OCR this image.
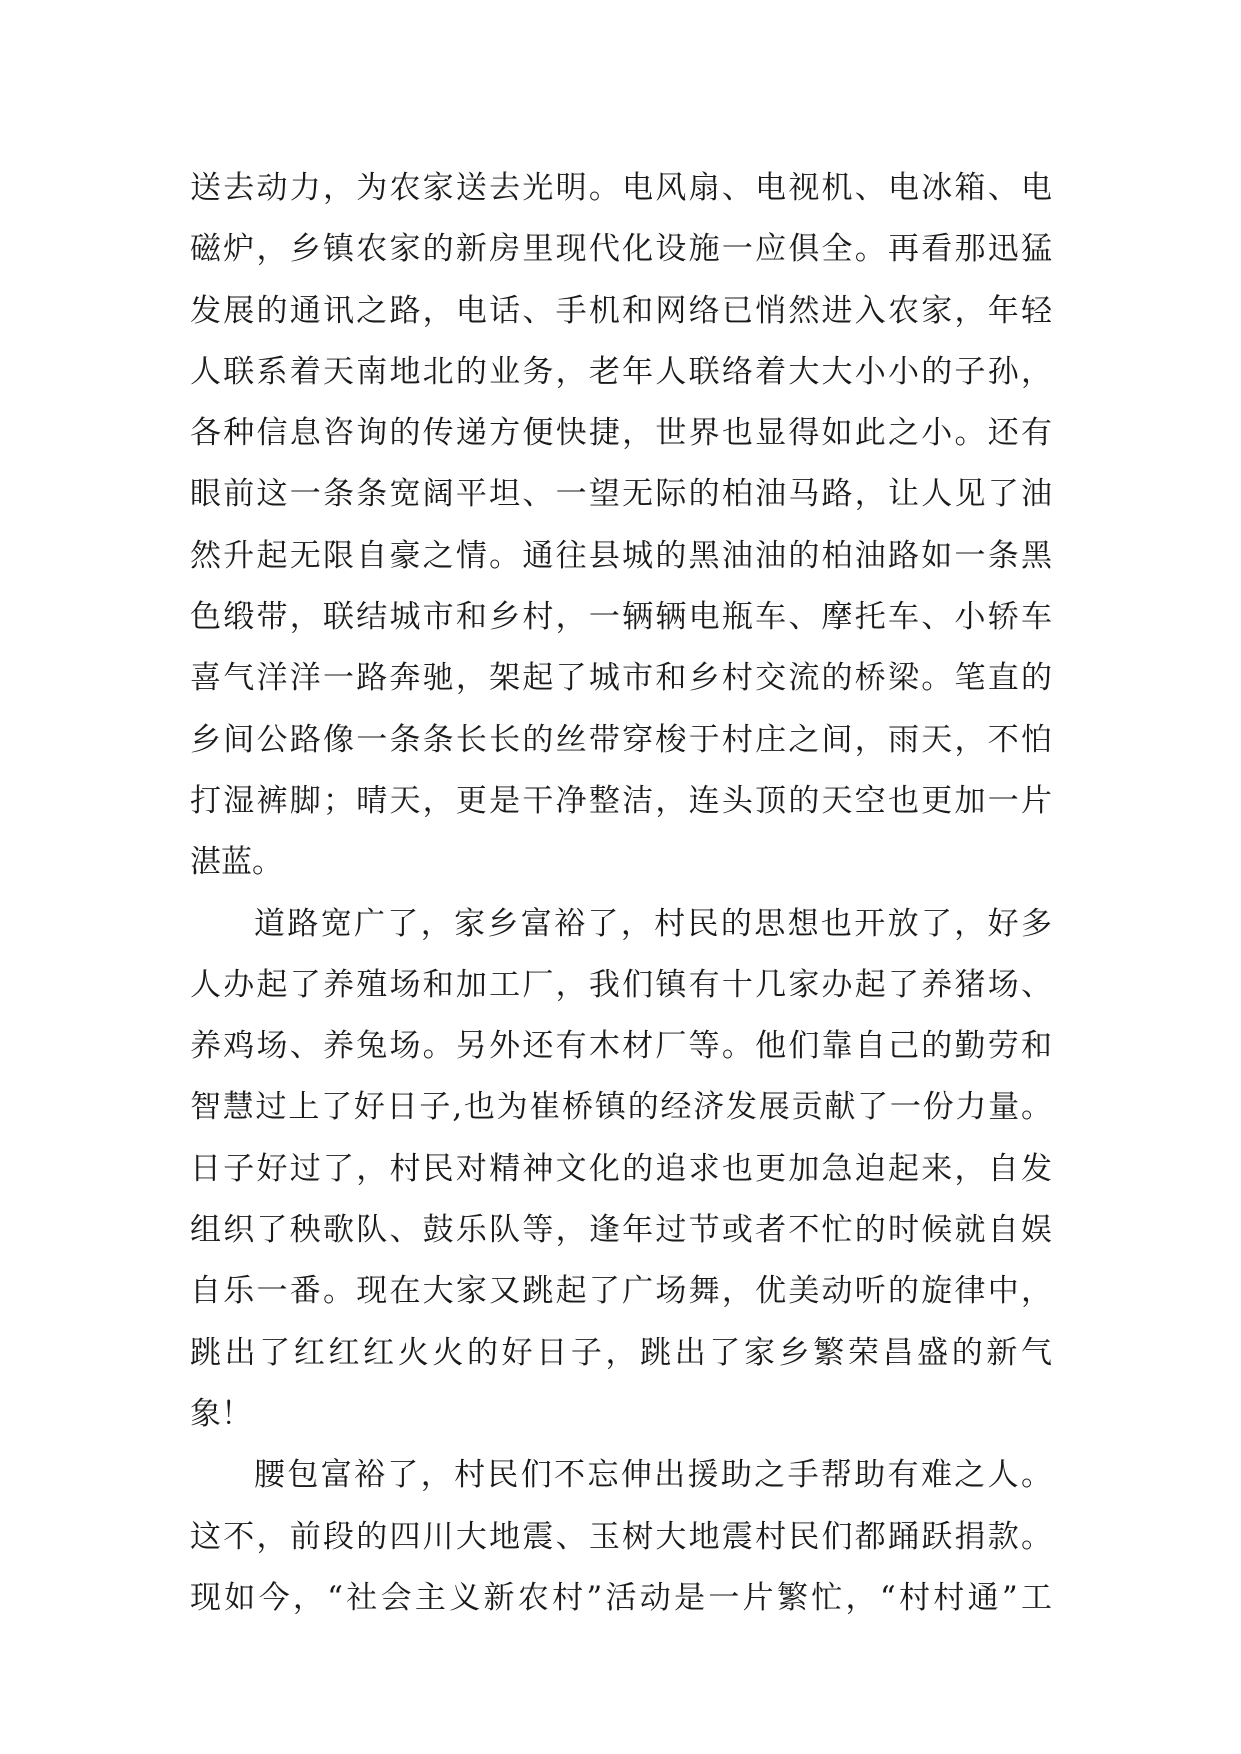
送去动力，为农家送去光明。电风扇、电视机、电冰箱、电
磁炉，乡镇农家的新房里现代化设施一应俱全。再看那迅猛
发展的通讯之路，电话、手机和网络已悄然进入农家，年轻
人联系着天南地北的业务，老年人联络着大大小小的子孙，
各种信息咨询的传递方便快捷，世界也显得如此之小。还有
眼前这一条条宽阔平坦、一望无际的柏油马路，让人见了油
然升起无限自豪之情。通往县城的黑油油的柏油路如一条黑
色缎带，联结城市和乡村，一辆辆电瓶车、摩托车、小轿车
喜气洋洋一路奔驰，架起了城市和乡村交流的桥梁。笔直的
乡间公路像一条条长长的丝带穿梭于村庄之间，雨天，不怕
打湿裤脚；晴天，更是干净整洁，连头顶的天空也更加一片
湛蓝。
道路宽广了，家乡富裕了，村民的思想也开放了，好多
人办起了养殖场和加工厂，我们镇有十几家办起了养猪场、
养鸡场、养兔场。另外还有木材厂等。他们靠自己的勤劳和
智慧过上了好日子,也为崔桥镇的经济发展贡献了一份力量。
日子好过了，村民对精神文化的追求也更加急迫起来，自发
组织了秧歌队、鼓乐队等，逢年过节或者不忙的时候就自娱
自乐一番。现在大家又跳起了广场舞，优美动听的旋律中，
跳出了红红红火火的好日子，跳出了家乡繁荣昌盛的新气
象！
腰包富裕了，村民们不忘伸出援助之手帮助有难之人。
这不，前段的四川大地震、玉树大地震村民们都踊跃捐款。
现如今，“社会主义新农村”活动是一片繁忙，“村村通”工
